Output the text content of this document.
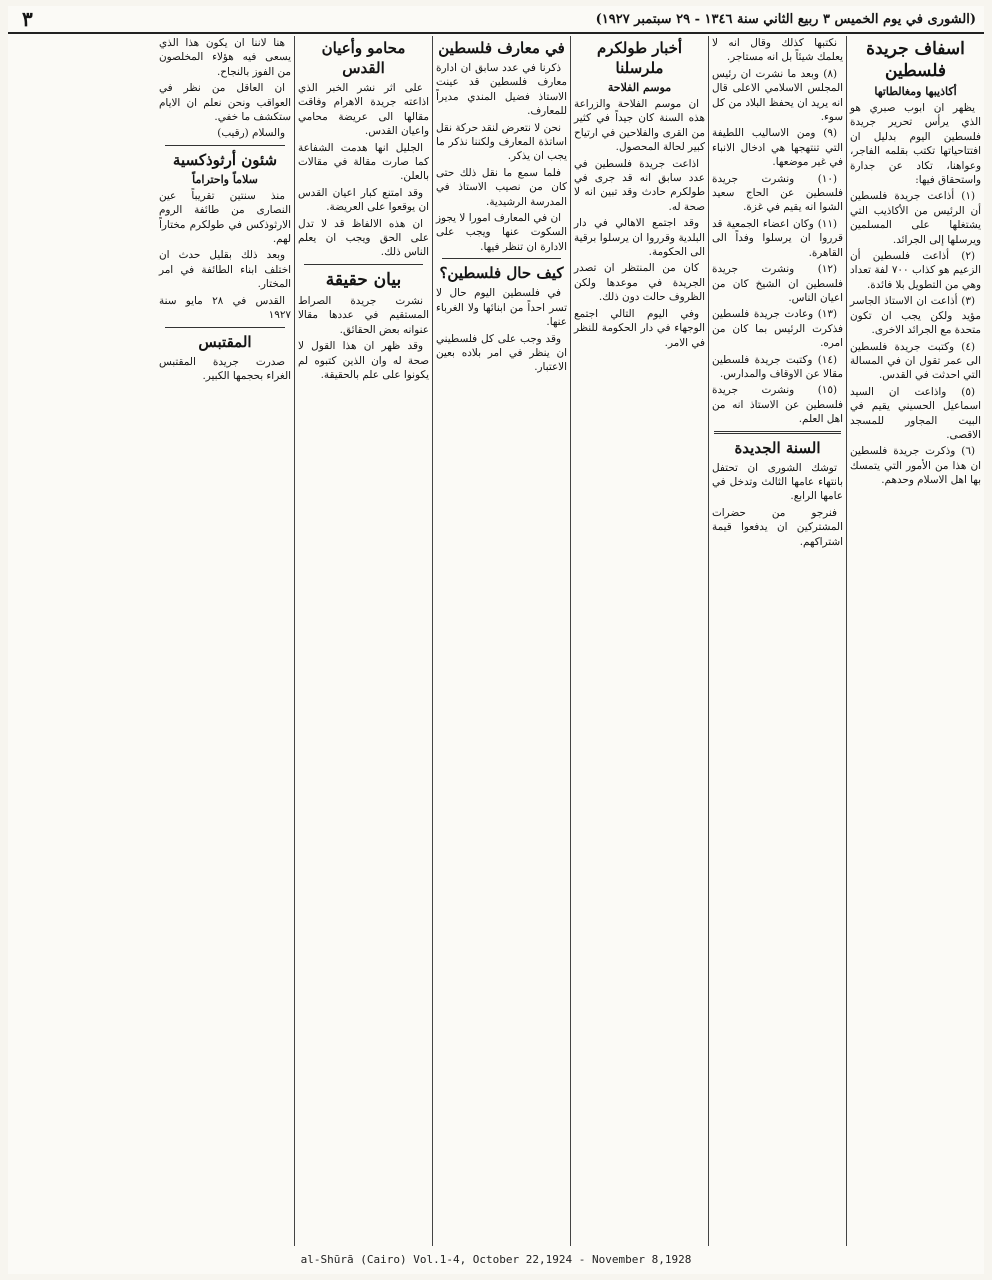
(الشورى في يوم الخميس ٣ ربيع الثاني سنة ١٣٤٦ - ٢٩ سبتمبر ١٩٢٧)
٣
اسفاف جريدة فلسطين
أكاذيبها ومغالطاتها

يظهر ان ابوب صبري هو الذي يرأس تحرير جريدة فلسطين اليوم بدليل ان افتتاحياتها تكتب بقلمه الفاجر، وعواهنا، تكاد عن جدارة واستحقاق فيها:

(١) أذاعت جريدة فلسطين أن الرئيس من الأكاذيب التي يشتغلها على المسلمين ويرسلها إلى الجرائد.

(٢) أذاعت فلسطين أن الزعيم هو كذاب ٧٠٠ لفة تعداد وهي من التطويل بلا فائدة.

(٣) أذاعت ان الاستاذ الجاسر مؤيد ولكن يجب ان تكون متحدة مع الجرائد الاخرى.

(٤) وكتبت جريدة فلسطين الى عمر تقول ان في المسالة التي احدثت في القدس.

(٥) واذاعت ان السيد اسماعيل الحسيني يقيم في البيت المجاور للمسجد الاقصى.

(٦) وذكرت جريدة فلسطين ان هذا من الأمور التي يتمسك بها اهل الاسلام وحدهم.

نكتبها كذلك وقال انه لا يعلمك شيئاً بل انه مستاجر.

(٨) وبعد ما نشرت ان رئيس المجلس الاسلامي الاعلى قال انه يريد ان يحفظ البلاد من كل سوء.

(٩) ومن الاساليب اللطيفة التي تنتهجها هي ادخال الانباء في غير موضعها.

(١٠) ونشرت جريدة فلسطين عن الحاج سعيد الشوا انه يقيم في غزة.

(١١) وكان اعضاء الجمعية قد قرروا ان يرسلوا وفداً الى القاهرة.

(١٢) ونشرت جريدة فلسطين ان الشيخ كان من اعيان الناس.

(١٣) وعادت جريدة فلسطين فذكرت الرئيس بما كان من امره.

(١٤) وكتبت جريدة فلسطين مقالا عن الاوقاف والمدارس.

(١٥) ونشرت جريدة فلسطين عن الاستاذ انه من اهل العلم.

السنة الجديدة

توشك الشورى ان تحتفل بانتهاء عامها الثالث وتدخل في عامها الرابع.

فنرجو من حضرات المشتركين ان يدفعوا قيمة اشتراكهم.

أخبار طولكرم ملرسلنا
موسم الفلاحة

ان موسم الفلاحة والزراعة هذه السنة كان جيداً في كثير من القرى والفلاحين في ارتياح كبير لحالة المحصول.

اذاعت جريدة فلسطين في عدد سابق انه قد جرى في طولكرم حادث وقد تبين انه لا صحة له.

وقد اجتمع الاهالي في دار البلدية وقرروا ان يرسلوا برقية الى الحكومة.

كان من المنتظر ان تصدر الجريدة في موعدها ولكن الظروف حالت دون ذلك.

وفي اليوم التالي اجتمع الوجهاء في دار الحكومة للنظر في الامر.

في معارف فلسطين

ذكرنا في عدد سابق ان ادارة معارف فلسطين قد عينت الاستاذ فضيل المندي مديراً للمعارف.

نحن لا نتعرض لنقد حركة نقل اساتذة المعارف ولكننا نذكر ما يجب ان يذكر.

فلما سمع ما نقل ذلك حتى كان من نصيب الاستاذ في المدرسة الرشيدية.

ان في المعارف امورا لا يجوز السكوت عنها ويجب على الادارة ان تنظر فيها.

كيف حال فلسطين؟

في فلسطين اليوم حال لا تسر احداً من ابنائها ولا الغرباء عنها.

وقد وجب على كل فلسطيني ان ينظر في امر بلاده بعين الاعتبار.

محامو وأعيان القدس

على اثر نشر الخبر الذي اذاعته جريدة الاهرام وفاقت مقالها الى عريضة محامي واعيان القدس.

الجليل انها هدمت الشفاعة كما صارت مقالة في مقالات بالعلن.

وقد امتنع كبار اعيان القدس ان يوقعوا على العريضة.

ان هذه الالفاظ قد لا تدل على الحق ويجب ان يعلم الناس ذلك.

بيان حقيقة

نشرت جريدة الصراط المستقيم في عددها مقالا عنوانه بعض الحقائق.

وقد ظهر ان هذا القول لا صحة له وان الذين كتبوه لم يكونوا على علم بالحقيقة.

هنا لاننا ان يكون هذا الذي يسعى فيه هؤلاء المخلصون من الفوز بالنجاح.

ان العاقل من نظر في العواقب ونحن نعلم ان الايام ستكشف ما خفي.

والسلام (رقيب)

شئون أرثوذكسية
سلاماً واحتراماً

منذ سنتين تقريباً عين النصارى من طائفة الروم الارثوذكس في طولكرم مختاراً لهم.

وبعد ذلك بقليل حدث ان اختلف ابناء الطائفة في امر المختار.

القدس في ٢٨ مايو سنة ١٩٢٧

المقتبس

صدرت جريدة المقتبس الغراء بحجمها الكبير.

al-Shūrā (Cairo) Vol.1-4, October 22,1924 - November 8,1928
